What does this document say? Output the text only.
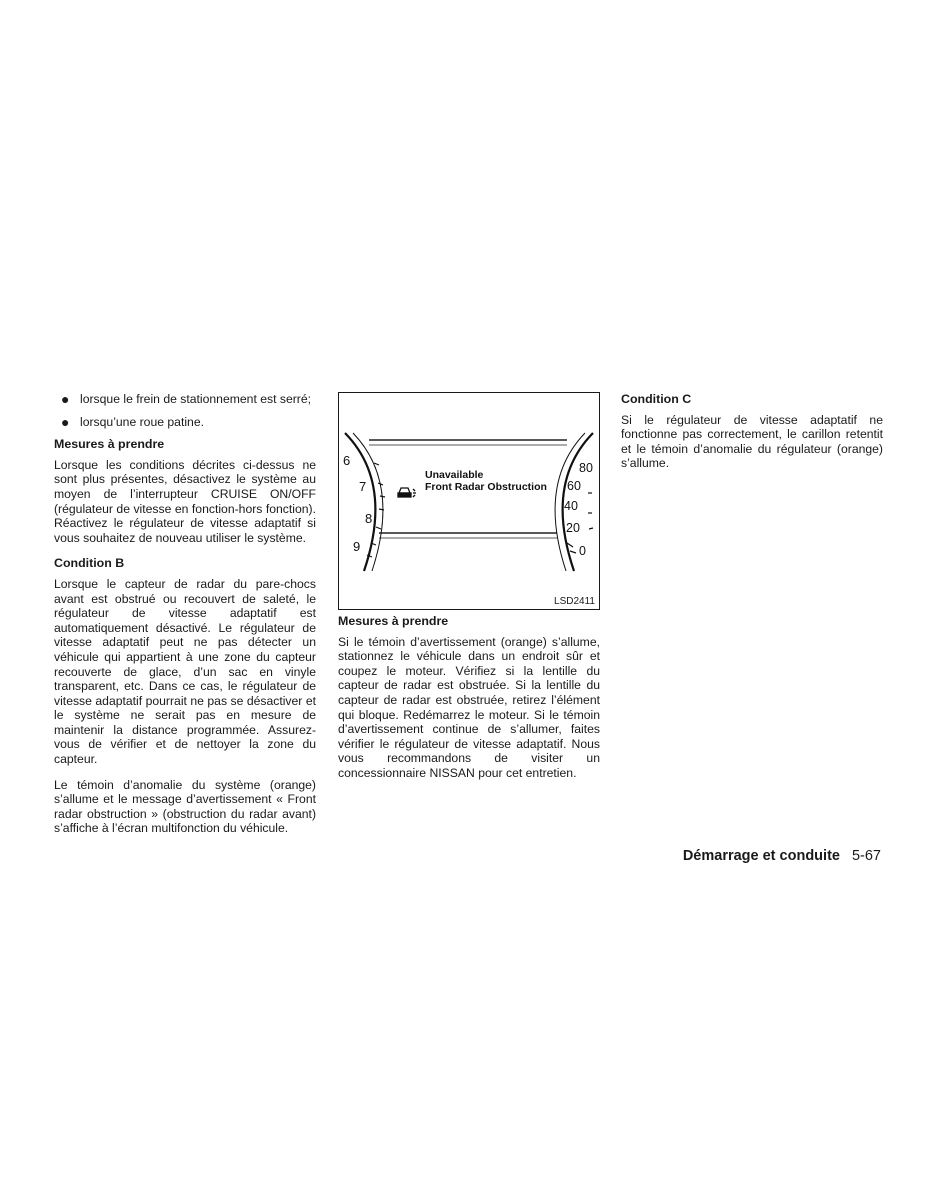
● lorsque le frein de stationnement est serré;
● lorsqu’une roue patine.
Mesures à prendre

Lorsque les conditions décrites ci-dessus ne sont plus présentes, désactivez le système au moyen de l’interrupteur CRUISE ON/OFF (régulateur de vitesse en fonction-hors fonction). Réactivez le régulateur de vitesse adaptatif si vous souhaitez de nouveau utiliser le système.

Condition B

Lorsque le capteur de radar du pare-chocs avant est obstrué ou recouvert de saleté, le régulateur de vitesse adaptatif est automatiquement désactivé. Le régulateur de vitesse adaptatif peut ne pas détecter un véhicule qui appartient à une zone du capteur recouverte de glace, d’un sac en vinyle transparent, etc. Dans ce cas, le régulateur de vitesse adaptatif pourrait ne pas se désactiver et le système ne serait pas en mesure de maintenir la distance programmée. Assurez-vous de vérifier et de nettoyer la zone du capteur.

Le témoin d’anomalie du système (orange) s’allume et le message d’avertissement « Front radar obstruction » (obstruction du radar avant) s’affiche à l’écran multifonction du véhicule.

6
7
8
9
80
60
40
20
0
Unavailable
Front Radar Obstruction
LSD2411
Mesures à prendre

Si le témoin d’avertissement (orange) s’allume, stationnez le véhicule dans un endroit sûr et coupez le moteur. Vérifiez si la lentille du capteur de radar est obstruée. Si la lentille du capteur de radar est obstruée, retirez l’élément qui bloque. Redémarrez le moteur. Si le témoin d’avertissement continue de s’allumer, faites vérifier le régulateur de vitesse adaptatif. Nous vous recommandons de visiter un concessionnaire NISSAN pour cet entretien.

Condition C

Si le régulateur de vitesse adaptatif ne fonctionne pas correctement, le carillon retentit et le témoin d’anomalie du régulateur (orange) s’allume.

Démarrage et conduite 5-67
